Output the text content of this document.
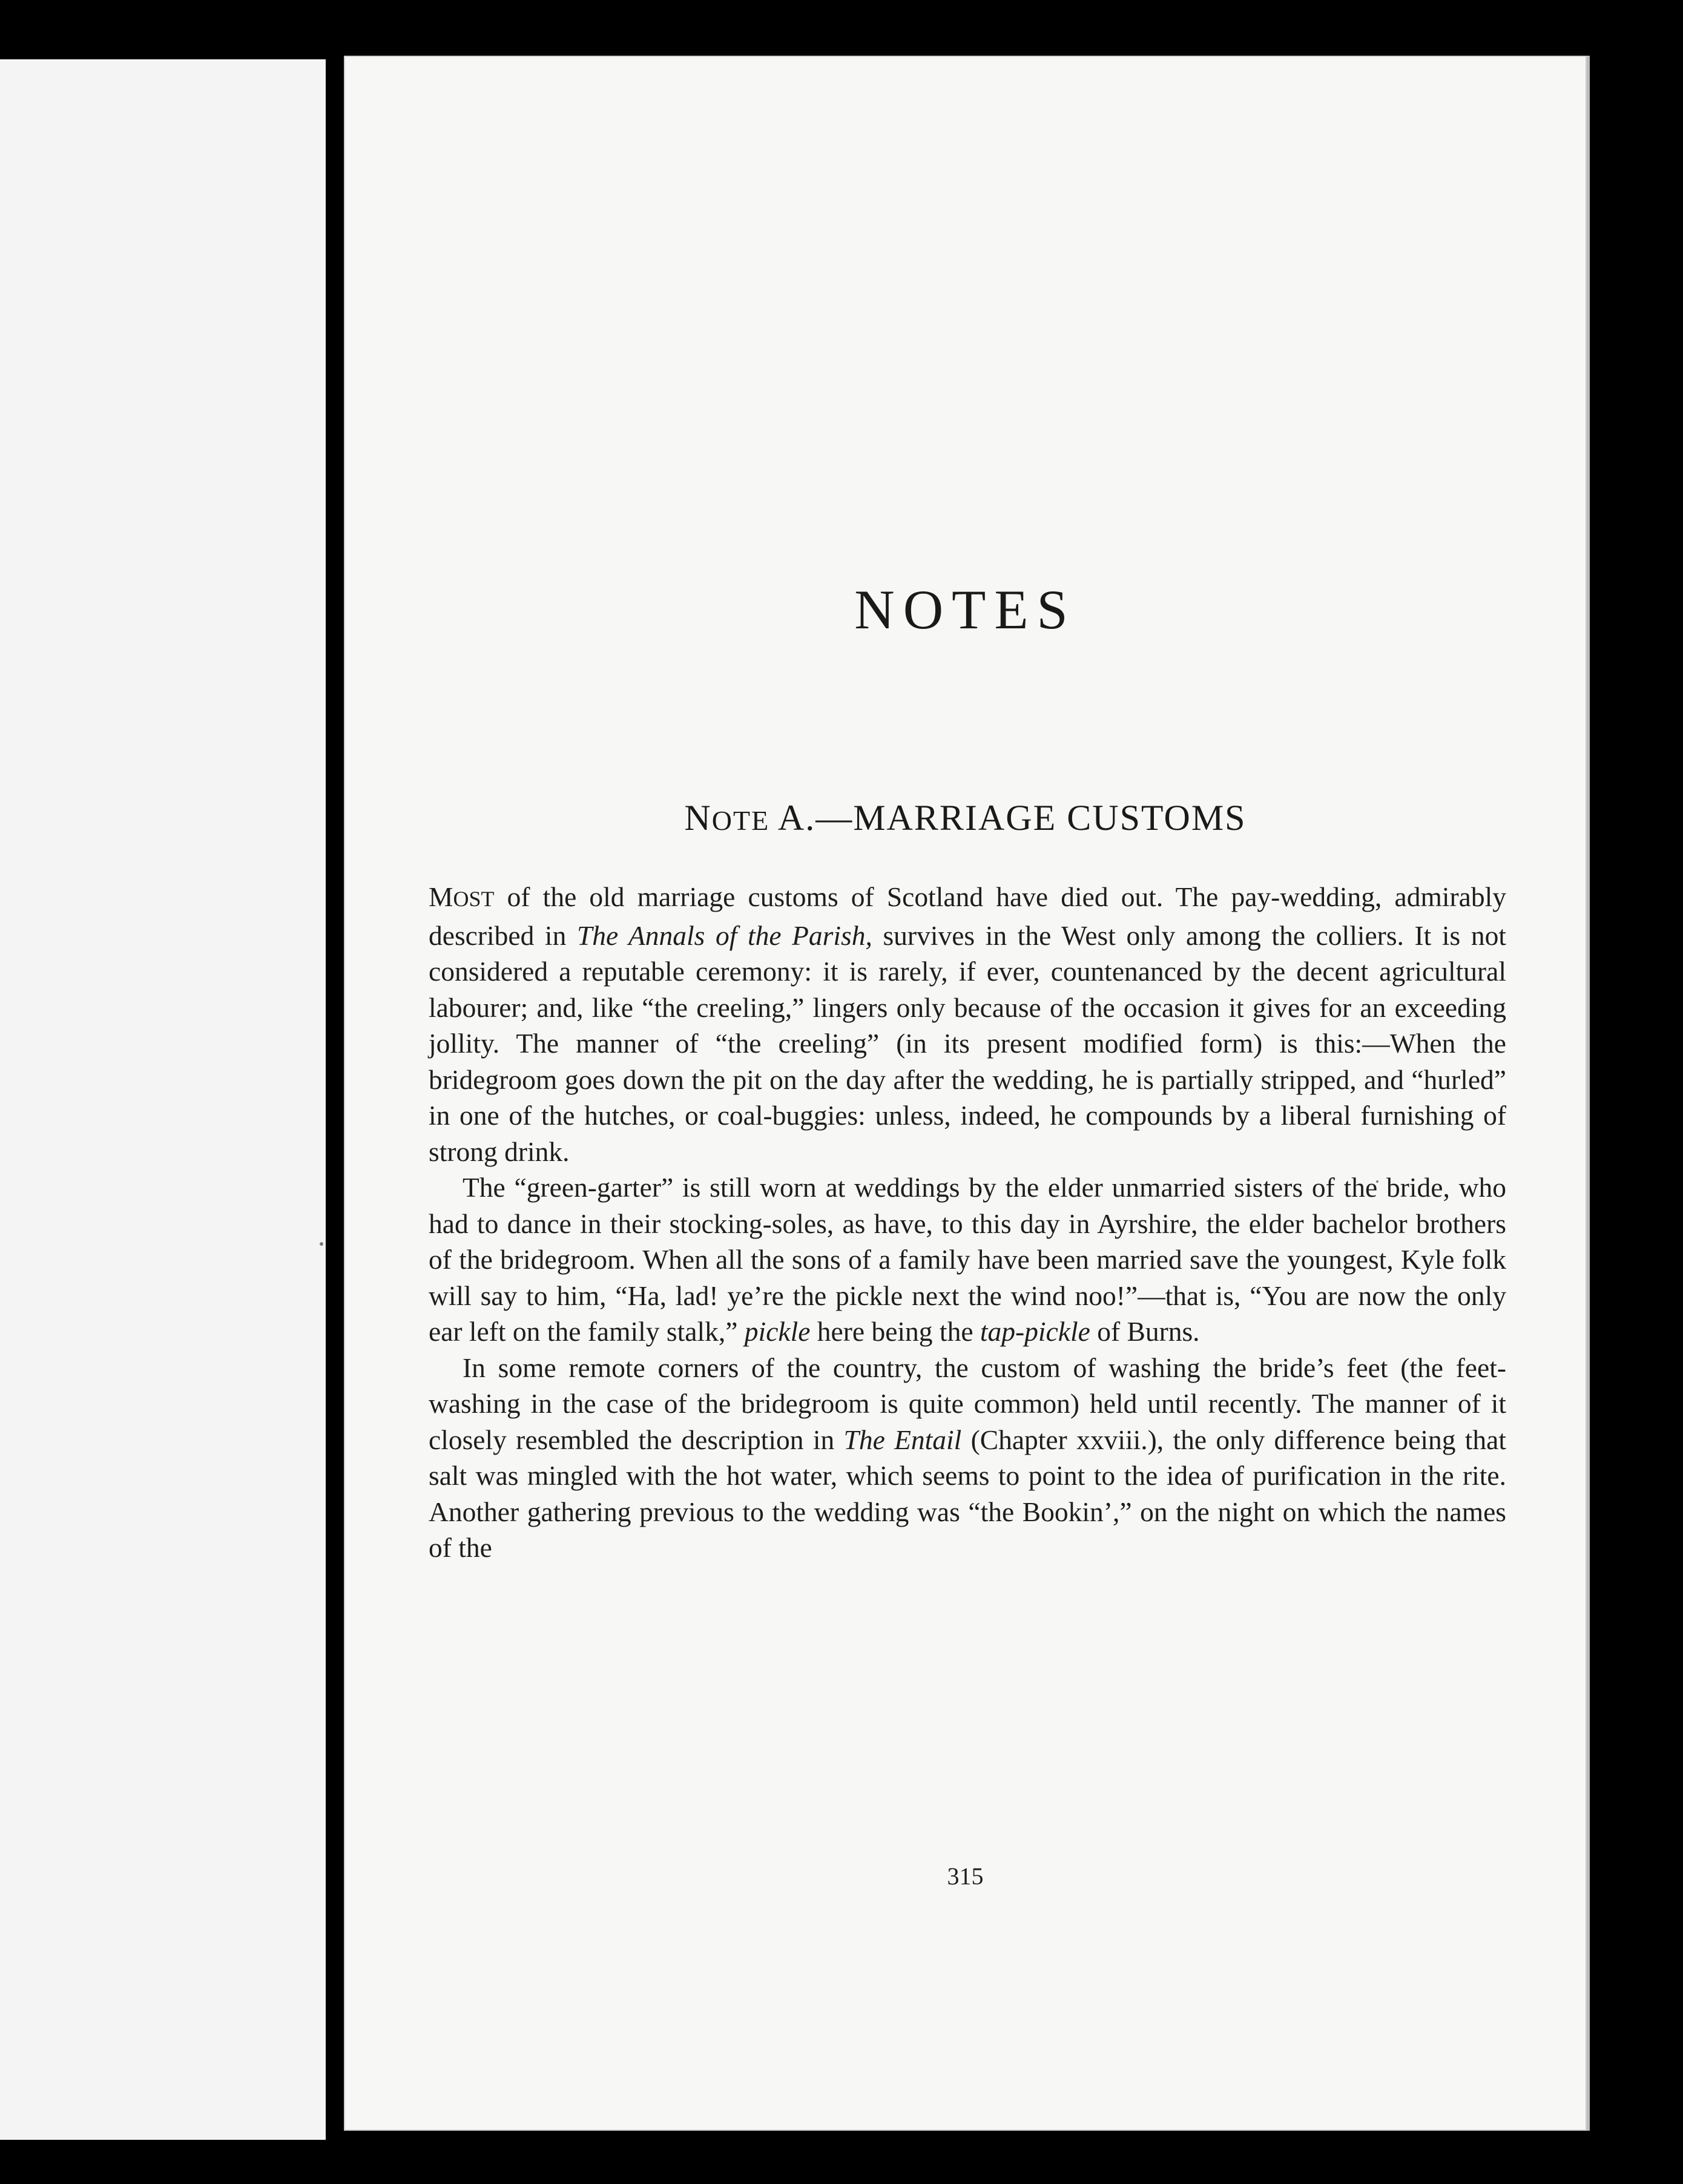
NOTES
NOTE A.—MARRIAGE CUSTOMS

MOST of the old marriage customs of Scotland have died out. The pay-wedding, admirably described in The Annals of the Parish, survives in the West only among the colliers. It is not considered a reputable ceremony: it is rarely, if ever, countenanced by the decent agricultural labourer; and, like “the creeling,” lingers only because of the occasion it gives for an exceeding jollity. The manner of “the creeling” (in its present modified form) is this:—When the bridegroom goes down the pit on the day after the wedding, he is partially stripped, and “hurled” in one of the hutches, or coal-buggies: unless, indeed, he compounds by a liberal furnishing of strong drink.

The “green-garter” is still worn at weddings by the elder unmarried sisters of the bride, who had to dance in their stocking-soles, as have, to this day in Ayrshire, the elder bachelor brothers of the bridegroom. When all the sons of a family have been married save the youngest, Kyle folk will say to him, “Ha, lad! ye’re the pickle next the wind noo!”—that is, “You are now the only ear left on the family stalk,” pickle here being the tap-pickle of Burns.

In some remote corners of the country, the custom of washing the bride’s feet (the feet-washing in the case of the bridegroom is quite common) held until recently. The manner of it closely resembled the description in The Entail (Chapter xxviii.), the only difference being that salt was mingled with the hot water, which seems to point to the idea of purification in the rite. Another gathering previous to the wedding was “the Bookin’,” on the night on which the names of the

315
